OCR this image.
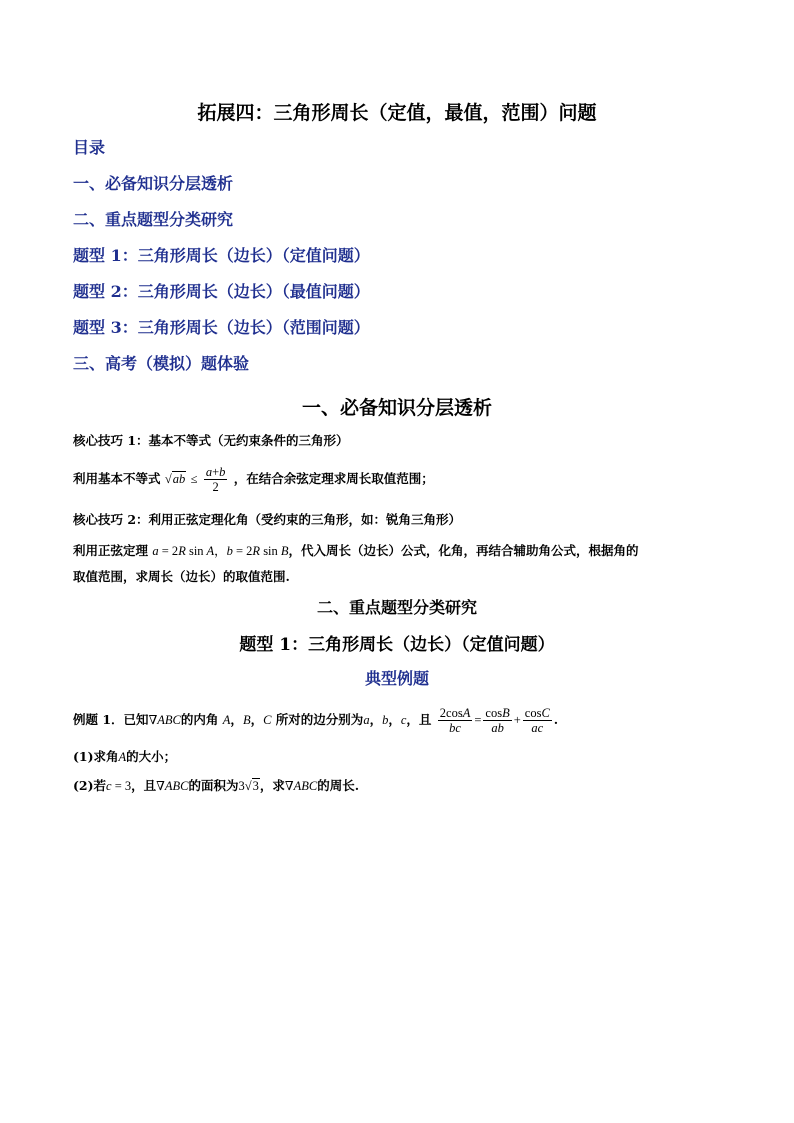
拓展四：三角形周长（定值，最值，范围）问题
目录
一、必备知识分层透析
二、重点题型分类研究
题型 1：三角形周长（边长）（定值问题）
题型 2：三角形周长（边长）（最值问题）
题型 3：三角形周长（边长）（范围问题）
三、高考（模拟）题体验
一、必备知识分层透析
核心技巧 1：基本不等式（无约束条件的三角形）
利用基本不等式 $√ab \le \frac{a+b}{2}$ ，在结合余弦定理求周长取值范围；
核心技巧 2：利用正弦定理化角（受约束的三角形，如：锐角三角形）
利用正弦定理 a = 2R sin A，b = 2R sin B，代入周长（边长）公式，化角，再结合辅助角公式，根据角的
取值范围，求周长（边长）的取值范围.
二、重点题型分类研究
题型 1：三角形周长（边长）（定值问题）
典型例题
例题 1．已知∇ABC的内角 A，B，C 所对的边分别为a，b，c，且 $\frac{2\cos A}{bc} = \frac{\cos B}{ab} + \frac{\cos C}{ac}$ .
(1)求角A的大小；
(2)若c = 3，且∇ABC的面积为3√3，求∇ABC的周长.
